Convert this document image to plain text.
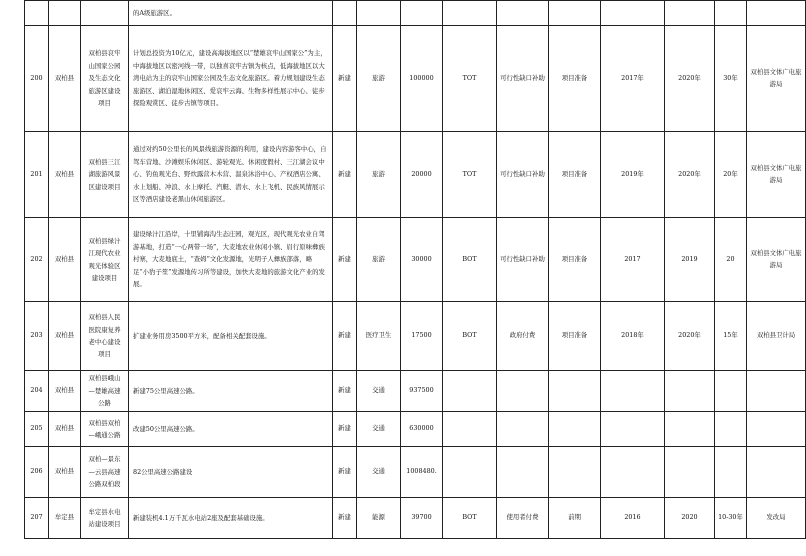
			的A级旅游区。										
200	双柏县	双柏县哀牢山国家公园及生态文化旅游区建设项目	计划总投资为10亿元，建设高海拔地区以“楚雄哀牢山国家公”为主，中海拔地区以密河线一带，以独喜哀牢古镇为核点，低海拔地区以大湾电站为主的哀牢山国家公园及生态文化旅游区。着力规划建设生态旅游区、湖泊湿地休闲区、爱哀牢云海、生物多样性展示中心、徒步探险观赏区、徒步古镇等项目。	新建	旅游	100000	TOT	可行性缺口补助	项目准备	2017年	2020年	30年	双柏县文体广电旅游局
201	双柏县	双柏县三江湖旅游风景区建设项目	通过对约50公里长的风景线旅游资源的利用，建设内容游客中心，自驾车营地、沙滩娱乐休闲区、游轮观光、休闲度假村、三江湖会议中心、钓鱼观光台、野炊露营木木营、温泉沐浴中心、产权酒店公寓、水上划船、冲浪、水上摩托、汽艇、潜水、水上飞机、民族风情展示区等酒店建设老黑山休闲旅游区。	新建	旅游	20000	TOT	可行性缺口补助	项目准备	2019年	2020年	20年	双柏县文体广电旅游局
202	双柏县	双柏县绿汁江现代农业观光体验区建设项目	建设绿汁江沿岸，十里铺海沟生态庄园，观光区，现代观光农业自驾游基地，打造“一心两带一场”，大麦地农业休闲小镇、眉行原味彝族村寨，大麦地底土，“查姆”文化发源地，光明子人彝族部落，略足“小豹子笙”发源地传习所等建设，加快大麦地的旅游文化产业的发展。	新建	旅游	30000	BOT	可行性缺口补助	项目准备	2017	2019	20	双柏县文体广电旅游局
203	双柏县	双柏县人民医院康复养老中心建设项目	扩建业务用房3500平方米，配备相关配套设施。	新建	医疗卫生	17500	BOT	政府付费	项目准备	2018年	2020年	15年	双柏县卫计局
204	双柏县	双柏县峨山—楚雄高速公路	新建75公里高速公路。	新建	交通	937500							
205	双柏县	双柏县双柏—峨通公路	改建50公里高速公路。	新建	交通	630000							
206	双柏县	双柏—景东—云县高速公路双柏段	82公里高速公路建设	新建	交通	1008480.							
207	牟定县	牟定县水电站建设项目	新建装机4.1万千瓦水电站2座及配套基础设施。	新建	能源	39700	BOT	使用者付费	前期	2016	2020	10-30年	发改局
